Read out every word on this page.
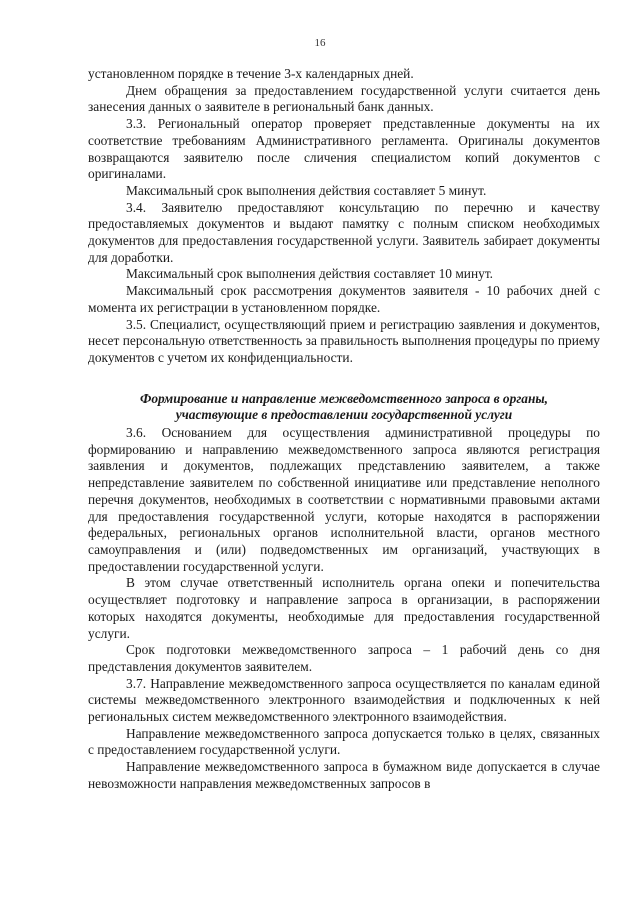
16

установленном порядке в течение 3-х календарных дней.

Днем обращения за предоставлением государственной услуги считается день занесения данных о заявителе в региональный банк данных.

3.3. Региональный оператор проверяет представленные документы на их соответствие требованиям Административного регламента. Оригиналы документов возвращаются заявителю после сличения специалистом копий документов с оригиналами.

Максимальный срок выполнения действия составляет 5 минут.

3.4. Заявителю предоставляют консультацию по перечню и качеству предоставляемых документов и выдают памятку с полным списком необходимых документов для предоставления государственной услуги. Заявитель забирает документы для доработки.

Максимальный срок выполнения действия составляет 10 минут.

Максимальный срок рассмотрения документов заявителя - 10 рабочих дней с момента их регистрации в установленном порядке.

3.5. Специалист, осуществляющий прием и регистрацию заявления и документов, несет персональную ответственность за правильность выполнения процедуры по приему документов с учетом их конфиденциальности.

Формирование и направление межведомственного запроса в органы,
участвующие в предоставлении государственной услуги

3.6. Основанием для осуществления административной процедуры по формированию и направлению межведомственного запроса являются регистрация заявления и документов, подлежащих представлению заявителем, а также непредставление заявителем по собственной инициативе или представление неполного перечня документов, необходимых в соответствии с нормативными правовыми актами для предоставления государственной услуги, которые находятся в распоряжении федеральных, региональных органов исполнительной власти, органов местного самоуправления и (или) подведомственных им организаций, участвующих в предоставлении государственной услуги.

В этом случае ответственный исполнитель органа опеки и попечительства осуществляет подготовку и направление запроса в организации, в распоряжении которых находятся документы, необходимые для предоставления государственной услуги.

Срок подготовки межведомственного запроса – 1 рабочий день со дня представления документов заявителем.

3.7. Направление межведомственного запроса осуществляется по каналам единой системы межведомственного электронного взаимодействия и подключенных к ней региональных систем межведомственного электронного взаимодействия.

Направление межведомственного запроса допускается только в целях, связанных с предоставлением государственной услуги.

Направление межведомственного запроса в бумажном виде допускается в случае невозможности направления межведомственных запросов в
